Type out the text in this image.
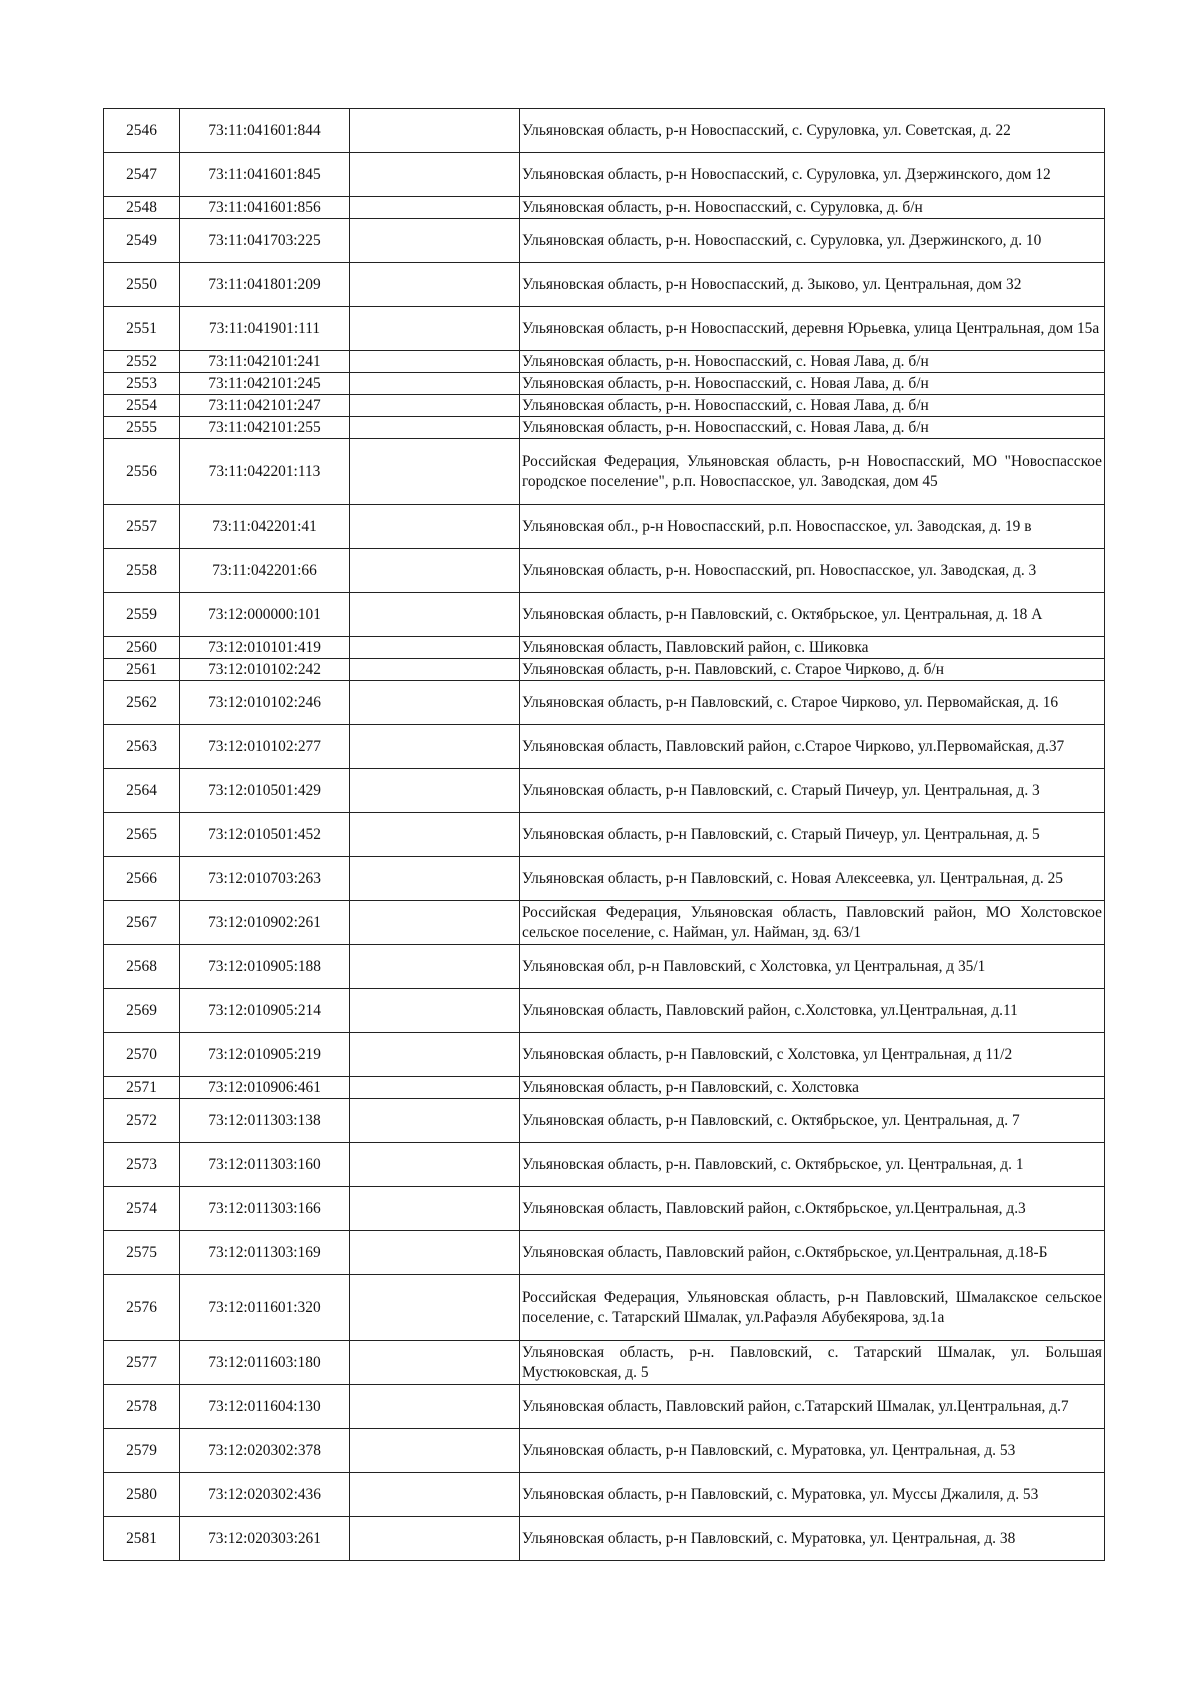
2546	73:11:041601:844		Ульяновская область, р-н Новоспасский, с. Суруловка, ул. Советская, д. 22
2547	73:11:041601:845		Ульяновская область, р-н Новоспасский, с. Суруловка, ул. Дзержинского, дом 12
2548	73:11:041601:856		Ульяновская область, р-н. Новоспасский, с. Суруловка, д. б/н
2549	73:11:041703:225		Ульяновская область, р-н. Новоспасский, с. Суруловка, ул. Дзержинского, д. 10
2550	73:11:041801:209		Ульяновская область, р-н Новоспасский, д. Зыково, ул. Центральная, дом 32
2551	73:11:041901:111		Ульяновская область, р-н Новоспасский, деревня Юрьевка, улица Центральная, дом 15а
2552	73:11:042101:241		Ульяновская область, р-н. Новоспасский, с. Новая Лава, д. б/н
2553	73:11:042101:245		Ульяновская область, р-н. Новоспасский, с. Новая Лава, д. б/н
2554	73:11:042101:247		Ульяновская область, р-н. Новоспасский, с. Новая Лава, д. б/н
2555	73:11:042101:255		Ульяновская область, р-н. Новоспасский, с. Новая Лава, д. б/н
2556	73:11:042201:113		Российская Федерация, Ульяновская область, р-н Новоспасский, МО "Новоспасское городское поселение", р.п. Новоспасское, ул. Заводская, дом 45
2557	73:11:042201:41		Ульяновская обл., р-н Новоспасский, р.п. Новоспасское, ул. Заводская, д. 19 в
2558	73:11:042201:66		Ульяновская область, р-н. Новоспасский, рп. Новоспасское, ул. Заводская, д. 3
2559	73:12:000000:101		Ульяновская область, р-н Павловский, с. Октябрьское, ул. Центральная, д. 18 А
2560	73:12:010101:419		Ульяновская область, Павловский район, с. Шиковка
2561	73:12:010102:242		Ульяновская область, р-н. Павловский, с. Старое Чирково, д. б/н
2562	73:12:010102:246		Ульяновская область, р-н Павловский, с. Старое Чирково, ул. Первомайская, д. 16
2563	73:12:010102:277		Ульяновская область, Павловский район, с.Старое Чирково, ул.Первомайская, д.37
2564	73:12:010501:429		Ульяновская область, р-н Павловский, с. Старый Пичеур, ул. Центральная, д. 3
2565	73:12:010501:452		Ульяновская область, р-н Павловский, с. Старый Пичеур, ул. Центральная, д. 5
2566	73:12:010703:263		Ульяновская область, р-н Павловский, с. Новая Алексеевка, ул. Центральная, д. 25
2567	73:12:010902:261		Российская Федерация, Ульяновская область, Павловский район, МО Холстовское сельское поселение, с. Найман, ул. Найман, зд. 63/1
2568	73:12:010905:188		Ульяновская обл, р-н Павловский, с Холстовка, ул Центральная, д 35/1
2569	73:12:010905:214		Ульяновская область, Павловский район, с.Холстовка, ул.Центральная, д.11
2570	73:12:010905:219		Ульяновская область, р-н Павловский, с Холстовка, ул Центральная, д 11/2
2571	73:12:010906:461		Ульяновская область, р-н Павловский, с. Холстовка
2572	73:12:011303:138		Ульяновская область, р-н Павловский, с. Октябрьское, ул. Центральная, д. 7
2573	73:12:011303:160		Ульяновская область, р-н. Павловский, с. Октябрьское, ул. Центральная, д. 1
2574	73:12:011303:166		Ульяновская область, Павловский район, с.Октябрьское, ул.Центральная, д.3
2575	73:12:011303:169		Ульяновская область, Павловский район, с.Октябрьское, ул.Центральная, д.18-Б
2576	73:12:011601:320		Российская Федерация, Ульяновская область, р-н Павловский, Шмалакское сельское поселение, с. Татарский Шмалак, ул.Рафаэля Абубекярова, зд.1а
2577	73:12:011603:180		Ульяновская область, р-н. Павловский, с. Татарский Шмалак, ул. Большая Мустюковская, д. 5
2578	73:12:011604:130		Ульяновская область, Павловский район, с.Татарский Шмалак, ул.Центральная, д.7
2579	73:12:020302:378		Ульяновская область, р-н Павловский, с. Муратовка, ул. Центральная, д. 53
2580	73:12:020302:436		Ульяновская область, р-н Павловский, с. Муратовка, ул. Муссы Джалиля, д. 53
2581	73:12:020303:261		Ульяновская область, р-н Павловский, с. Муратовка, ул. Центральная, д. 38
